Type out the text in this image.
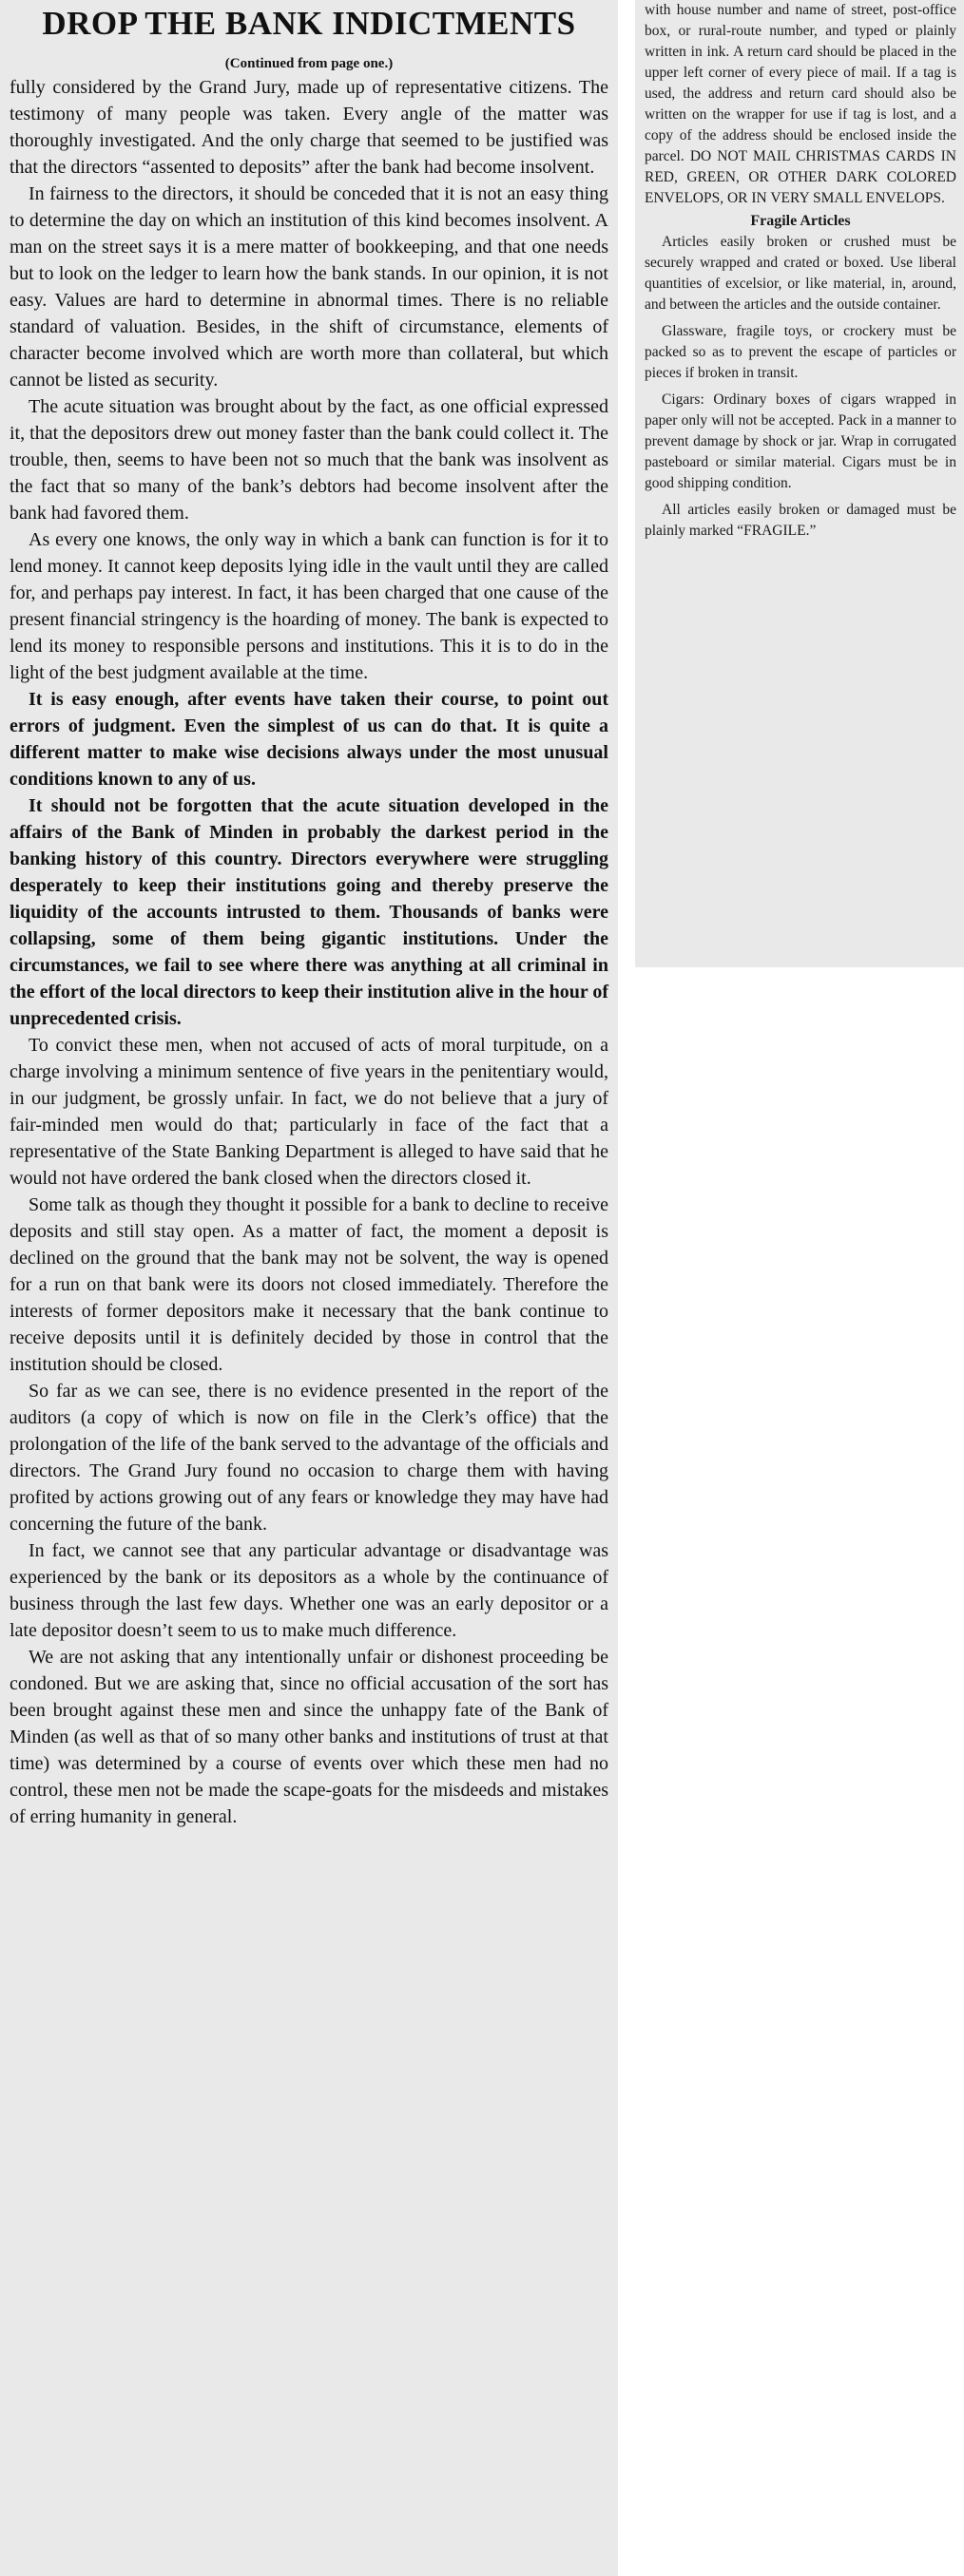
DROP THE BANK INDICTMENTS
(Continued from page one.)

fully considered by the Grand Jury, made up of representative citizens. The testimony of many people was taken. Every angle of the matter was thoroughly investigated. And the only charge that seemed to be justified was that the directors “assented to deposits” after the bank had become insolvent.

In fairness to the directors, it should be conceded that it is not an easy thing to determine the day on which an institution of this kind becomes insolvent. A man on the street says it is a mere matter of bookkeeping, and that one needs but to look on the ledger to learn how the bank stands. In our opinion, it is not easy. Values are hard to determine in abnormal times. There is no reliable standard of valuation. Besides, in the shift of circumstance, elements of character become involved which are worth more than collateral, but which cannot be listed as security.

The acute situation was brought about by the fact, as one official expressed it, that the depositors drew out money faster than the bank could collect it. The trouble, then, seems to have been not so much that the bank was insolvent as the fact that so many of the bank’s debtors had become insolvent after the bank had favored them.

As every one knows, the only way in which a bank can function is for it to lend money. It cannot keep deposits lying idle in the vault until they are called for, and perhaps pay interest. In fact, it has been charged that one cause of the present financial stringency is the hoarding of money. The bank is expected to lend its money to responsible persons and institutions. This it is to do in the light of the best judgment available at the time.

It is easy enough, after events have taken their course, to point out errors of judgment. Even the simplest of us can do that. It is quite a different matter to make wise decisions always under the most unusual conditions known to any of us.

It should not be forgotten that the acute situation developed in the affairs of the Bank of Minden in probably the darkest period in the banking history of this country. Directors everywhere were struggling desperately to keep their institutions going and thereby preserve the liquidity of the accounts intrusted to them. Thousands of banks were collapsing, some of them being gigantic institutions. Under the circumstances, we fail to see where there was anything at all criminal in the effort of the local directors to keep their institution alive in the hour of unprecedented crisis.

To convict these men, when not accused of acts of moral turpitude, on a charge involving a minimum sentence of five years in the penitentiary would, in our judgment, be grossly unfair. In fact, we do not believe that a jury of fair-minded men would do that; particularly in face of the fact that a representative of the State Banking Department is alleged to have said that he would not have ordered the bank closed when the directors closed it.

Some talk as though they thought it possible for a bank to decline to receive deposits and still stay open. As a matter of fact, the moment a deposit is declined on the ground that the bank may not be solvent, the way is opened for a run on that bank were its doors not closed immediately. Therefore the interests of former depositors make it necessary that the bank continue to receive deposits until it is definitely decided by those in control that the institution should be closed.

So far as we can see, there is no evidence presented in the report of the auditors (a copy of which is now on file in the Clerk’s office) that the prolongation of the life of the bank served to the advantage of the officials and directors. The Grand Jury found no occasion to charge them with having profited by actions growing out of any fears or knowledge they may have had concerning the future of the bank.

In fact, we cannot see that any particular advantage or disadvantage was experienced by the bank or its depositors as a whole by the continuance of business through the last few days. Whether one was an early depositor or a late depositor doesn’t seem to us to make much difference.

We are not asking that any intentionally unfair or dishonest proceeding be condoned. But we are asking that, since no official accusation of the sort has been brought against these men and since the unhappy fate of the Bank of Minden (as well as that of so many other banks and institutions of trust at that time) was determined by a course of events over which these men had no control, these men not be made the scape-goats for the misdeeds and mistakes of erring humanity in general.

with house number and name of street, post-office box, or rural-route number, and typed or plainly written in ink. A return card should be placed in the upper left corner of every piece of mail. If a tag is used, the address and return card should also be written on the wrapper for use if tag is lost, and a copy of the address should be enclosed inside the parcel. DO NOT MAIL CHRISTMAS CARDS IN RED, GREEN, OR OTHER DARK COLORED ENVELOPS, OR IN VERY SMALL ENVELOPS.

Fragile Articles

Articles easily broken or crushed must be securely wrapped and crated or boxed. Use liberal quantities of excelsior, or like material, in, around, and between the articles and the outside container.

Glassware, fragile toys, or crockery must be packed so as to prevent the escape of particles or pieces if broken in transit.

Cigars: Ordinary boxes of cigars wrapped in paper only will not be accepted. Pack in a manner to prevent damage by shock or jar. Wrap in corrugated pasteboard or similar material. Cigars must be in good shipping condition.

All articles easily broken or damaged must be plainly marked “FRAGILE.”
